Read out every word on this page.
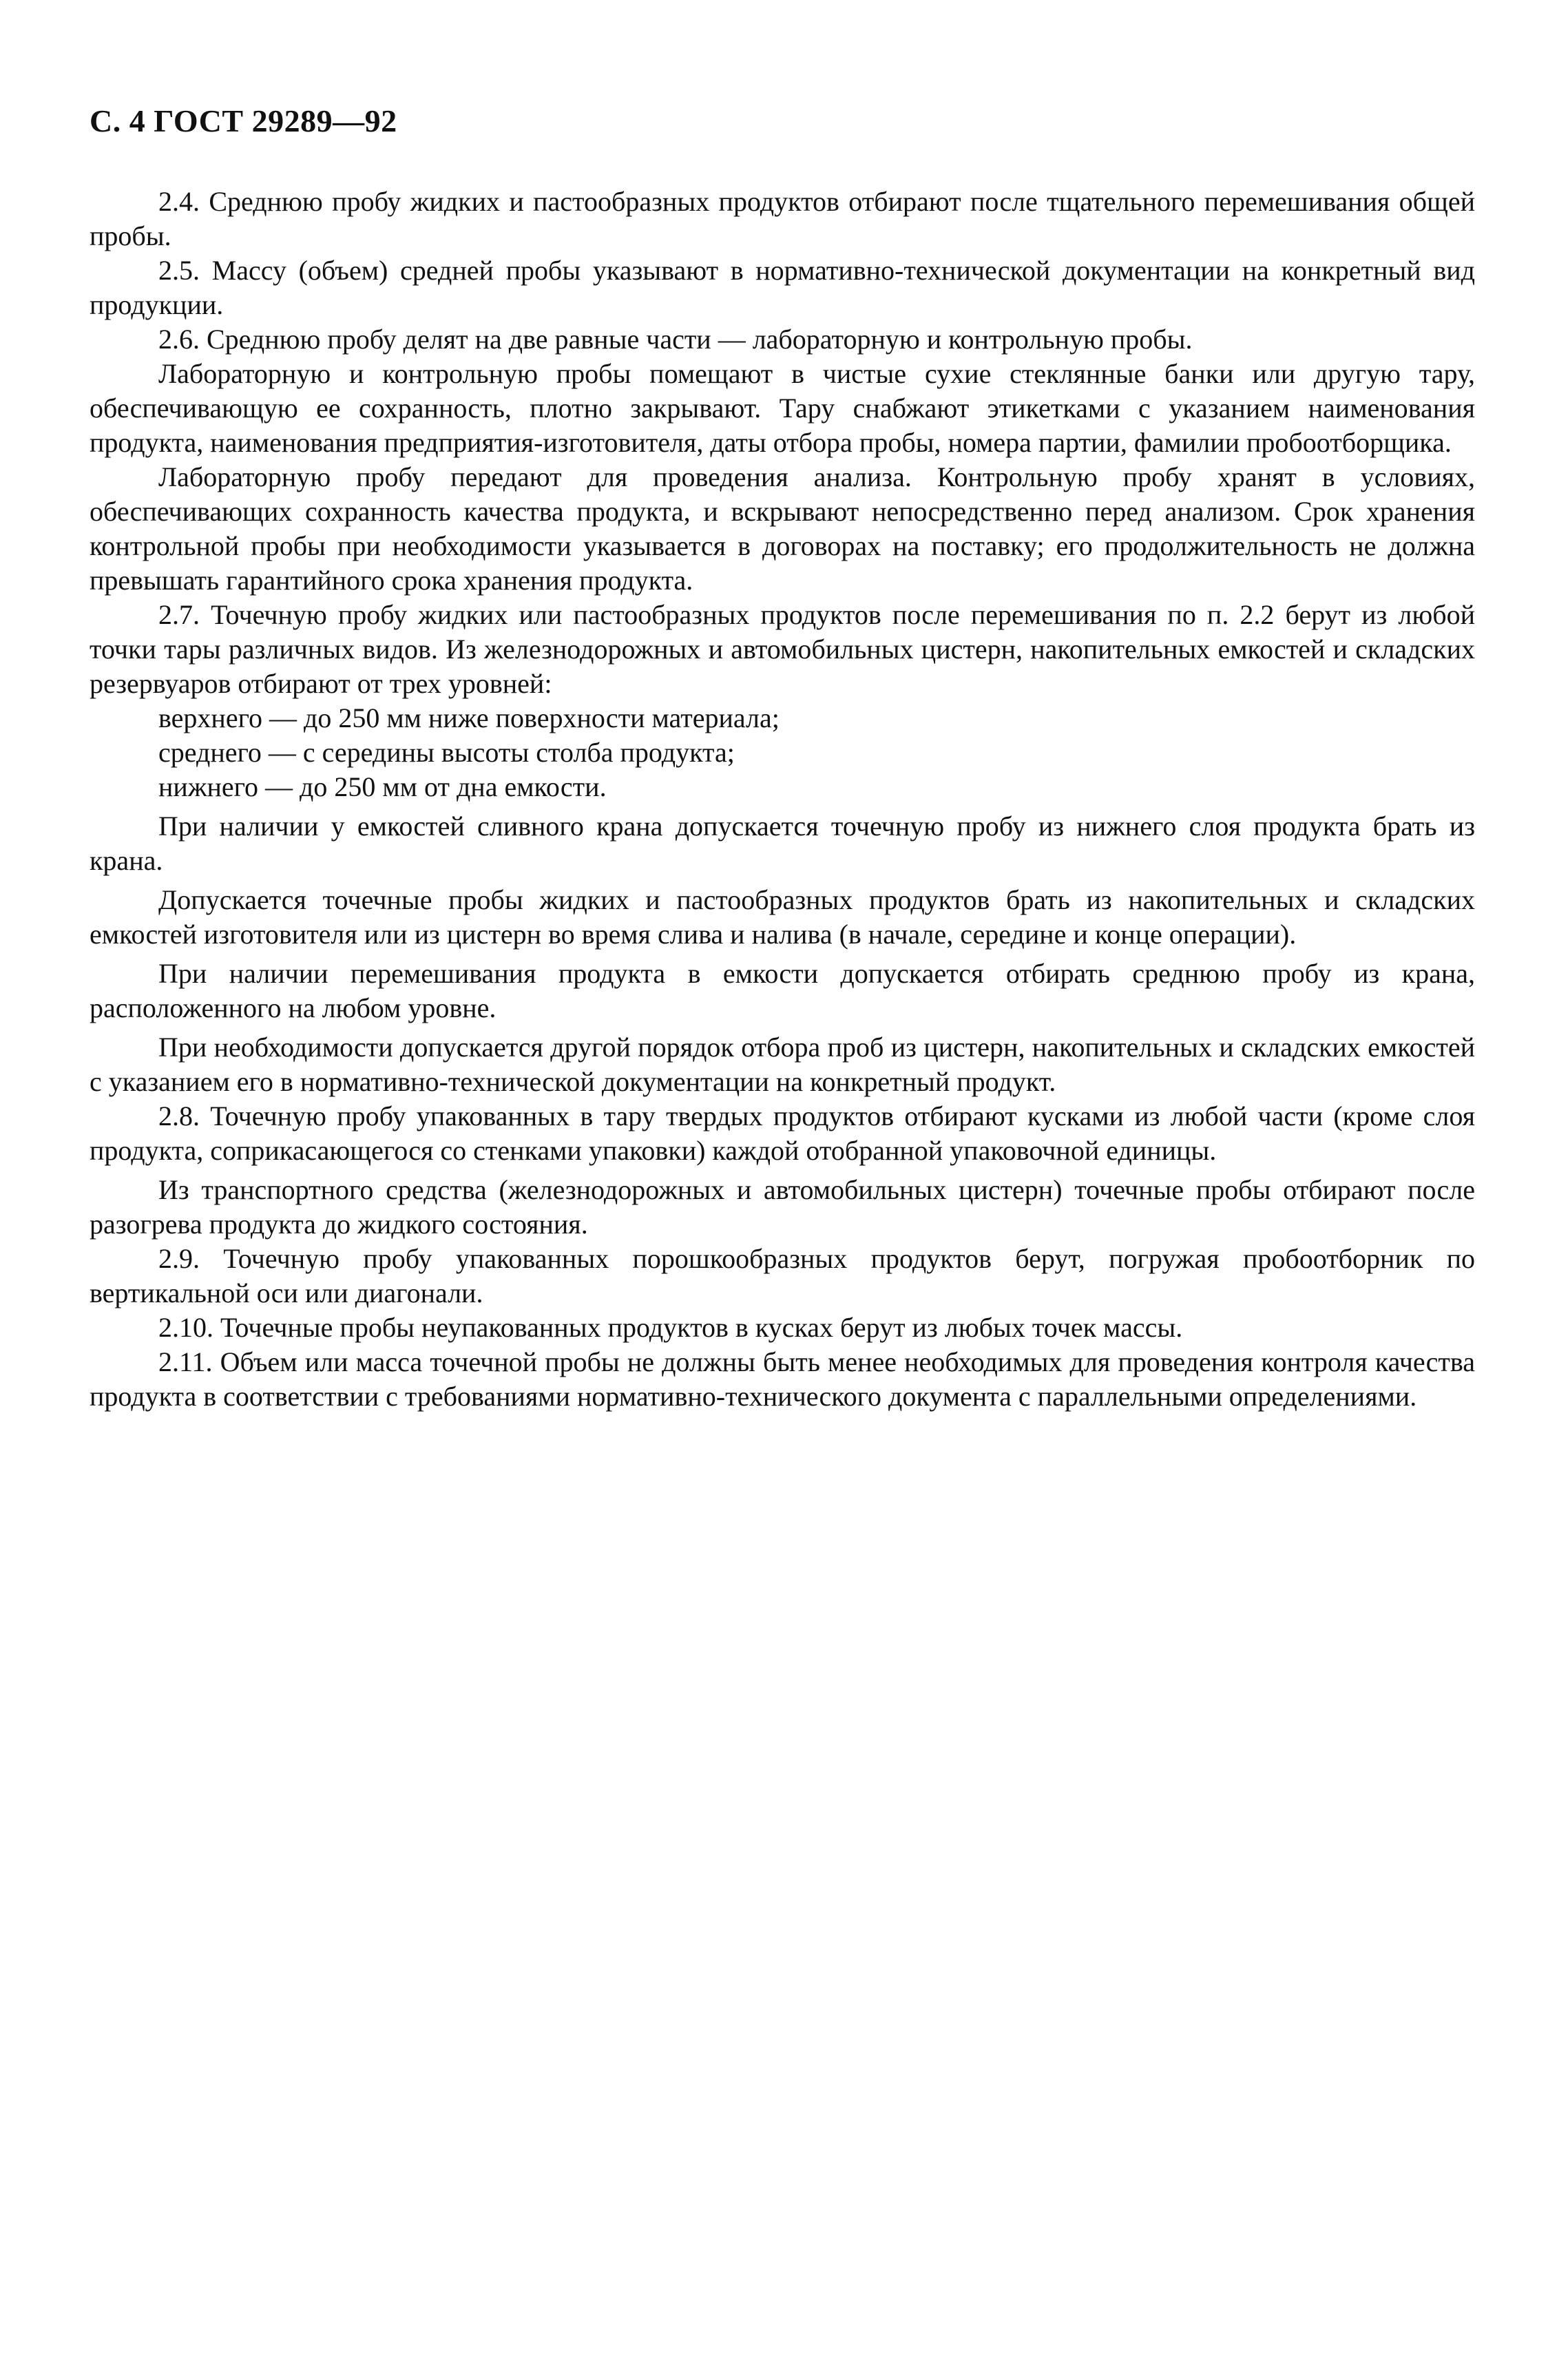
С. 4 ГОСТ 29289—92

2.4. Среднюю пробу жидких и пастообразных продуктов отбирают после тщательного перемешивания общей пробы.

2.5. Массу (объем) средней пробы указывают в нормативно-технической документации на конкретный вид продукции.

2.6. Среднюю пробу делят на две равные части — лабораторную и контрольную пробы.

Лабораторную и контрольную пробы помещают в чистые сухие стеклянные банки или другую тару, обеспечивающую ее сохранность, плотно закрывают. Тару снабжают этикетками с указанием наименования продукта, наименования предприятия-изготовителя, даты отбора пробы, номера партии, фамилии пробоотборщика.

Лабораторную пробу передают для проведения анализа. Контрольную пробу хранят в условиях, обеспечивающих сохранность качества продукта, и вскрывают непосредственно перед анализом. Срок хранения контрольной пробы при необходимости указывается в договорах на поставку; его продолжительность не должна превышать гарантийного срока хранения продукта.

2.7. Точечную пробу жидких или пастообразных продуктов после перемешивания по п. 2.2 берут из любой точки тары различных видов. Из железнодорожных и автомобильных цистерн, накопительных емкостей и складских резервуаров отбирают от трех уровней:

верхнего — до 250 мм ниже поверхности материала;

среднего — с середины высоты столба продукта;

нижнего — до 250 мм от дна емкости.

При наличии у емкостей сливного крана допускается точечную пробу из нижнего слоя продукта брать из крана.

Допускается точечные пробы жидких и пастообразных продуктов брать из накопительных и складских емкостей изготовителя или из цистерн во время слива и налива (в начале, середине и конце операции).

При наличии перемешивания продукта в емкости допускается отбирать среднюю пробу из крана, расположенного на любом уровне.

При необходимости допускается другой порядок отбора проб из цистерн, накопительных и складских емкостей с указанием его в нормативно-технической документации на конкретный продукт.

2.8. Точечную пробу упакованных в тару твердых продуктов отбирают кусками из любой части (кроме слоя продукта, соприкасающегося со стенками упаковки) каждой отобранной упаковочной единицы.

Из транспортного средства (железнодорожных и автомобильных цистерн) точечные пробы отбирают после разогрева продукта до жидкого состояния.

2.9. Точечную пробу упакованных порошкообразных продуктов берут, погружая пробоотборник по вертикальной оси или диагонали.

2.10. Точечные пробы неупакованных продуктов в кусках берут из любых точек массы.

2.11. Объем или масса точечной пробы не должны быть менее необходимых для проведения контроля качества продукта в соответствии с требованиями нормативно-технического документа с параллельными определениями.
